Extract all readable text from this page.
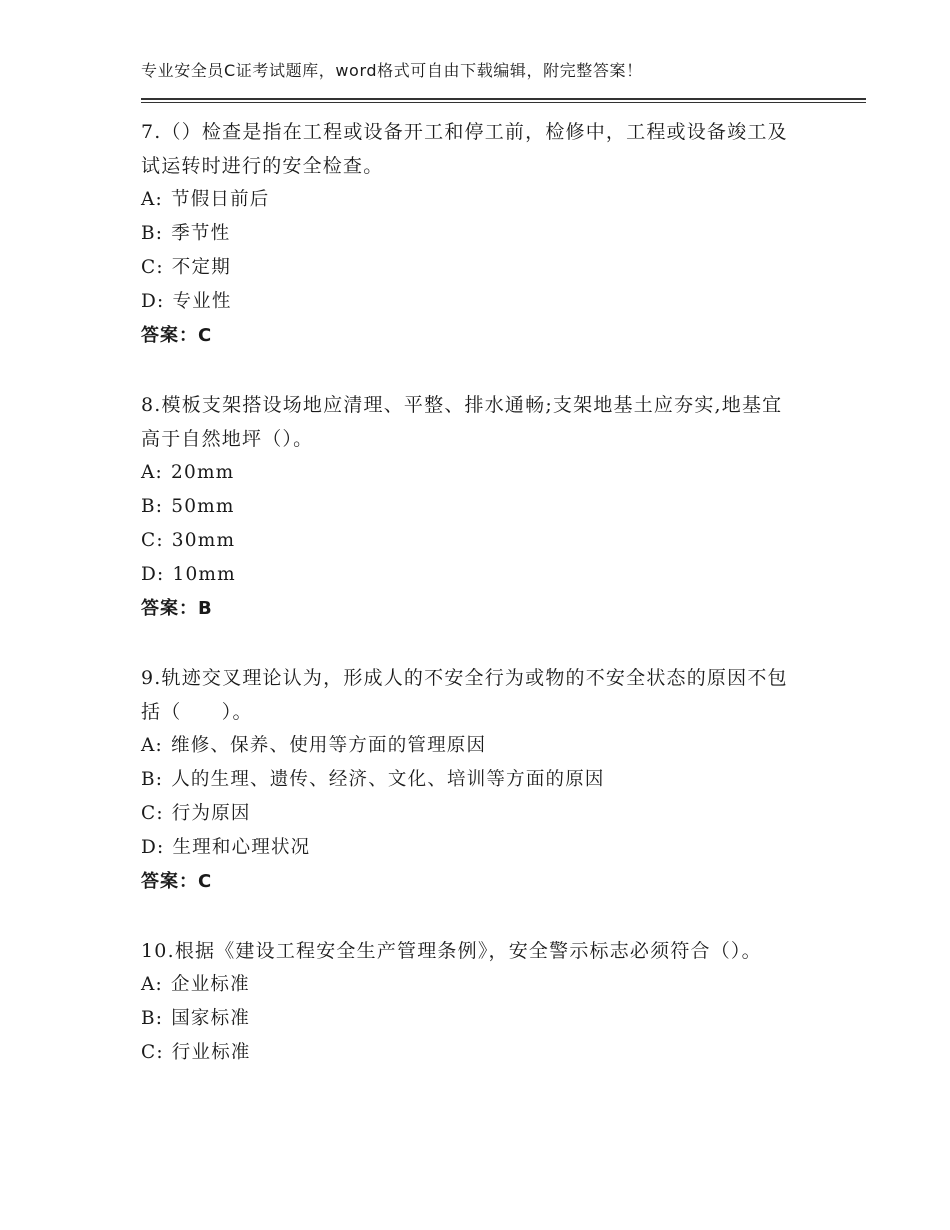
专业安全员C证考试题库，word格式可自由下载编辑，附完整答案！

7.（）检查是指在工程或设备开工和停工前，检修中，工程或设备竣工及试运转时进行的安全检查。

A: 节假日前后
B: 季节性
C: 不定期
D: 专业性
答案：C

8.模板支架搭设场地应清理、平整、排水通畅;支架地基土应夯实,地基宜高于自然地坪（）。

A: 20mm
B: 50mm
C: 30mm
D: 10mm
答案：B

9.轨迹交叉理论认为，形成人的不安全行为或物的不安全状态的原因不包括（　　）。

A: 维修、保养、使用等方面的管理原因
B: 人的生理、遗传、经济、文化、培训等方面的原因
C: 行为原因
D: 生理和心理状况
答案：C

10.根据《建设工程安全生产管理条例》，安全警示标志必须符合（）。

A: 企业标准
B: 国家标准
C: 行业标准
